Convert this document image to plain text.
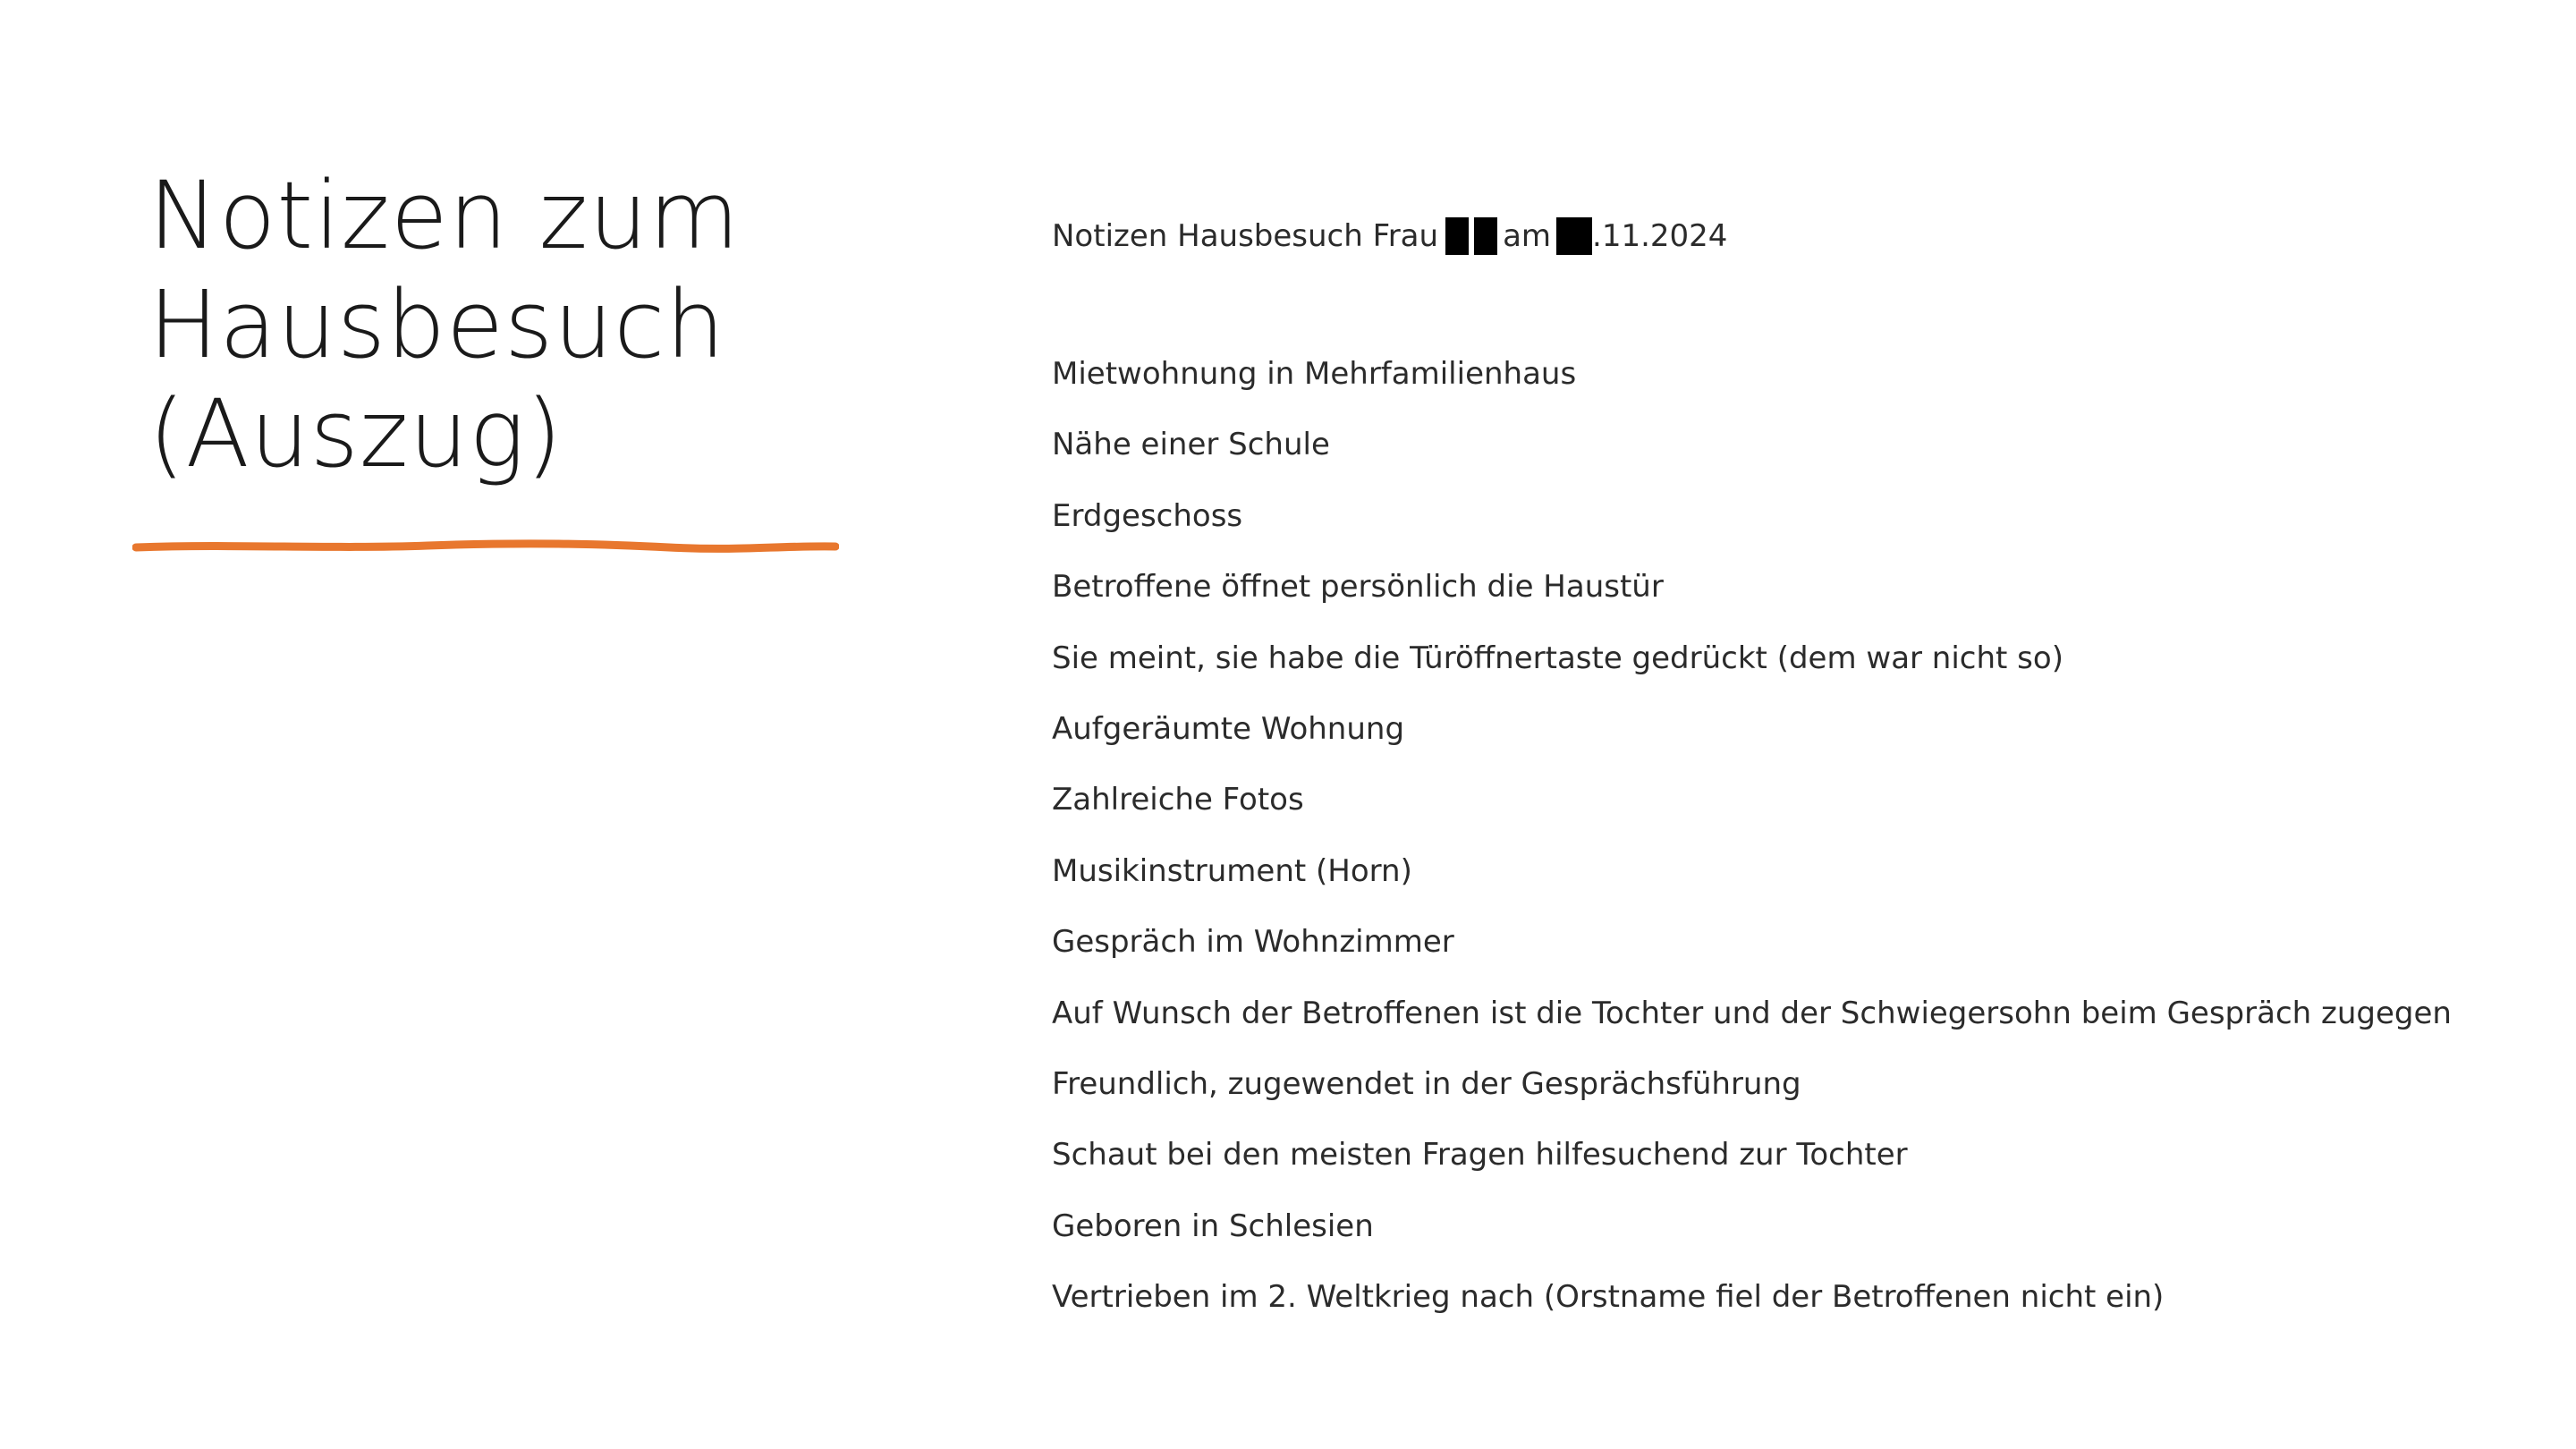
Notizen zum
Hausbesuch
(Auszug)
Notizen Hausbesuch Frau am .11.2024
Mietwohnung in Mehrfamilienhaus
Nähe einer Schule
Erdgeschoss
Betroffene öffnet persönlich die Haustür
Sie meint, sie habe die Türöffnertaste gedrückt (dem war nicht so)
Aufgeräumte Wohnung
Zahlreiche Fotos
Musikinstrument (Horn)
Gespräch im Wohnzimmer
Auf Wunsch der Betroffenen ist die Tochter und der Schwiegersohn beim Gespräch zugegen
Freundlich, zugewendet in der Gesprächsführung
Schaut bei den meisten Fragen hilfesuchend zur Tochter
Geboren in Schlesien
Vertrieben im 2. Weltkrieg nach (Orstname fiel der Betroffenen nicht ein)
